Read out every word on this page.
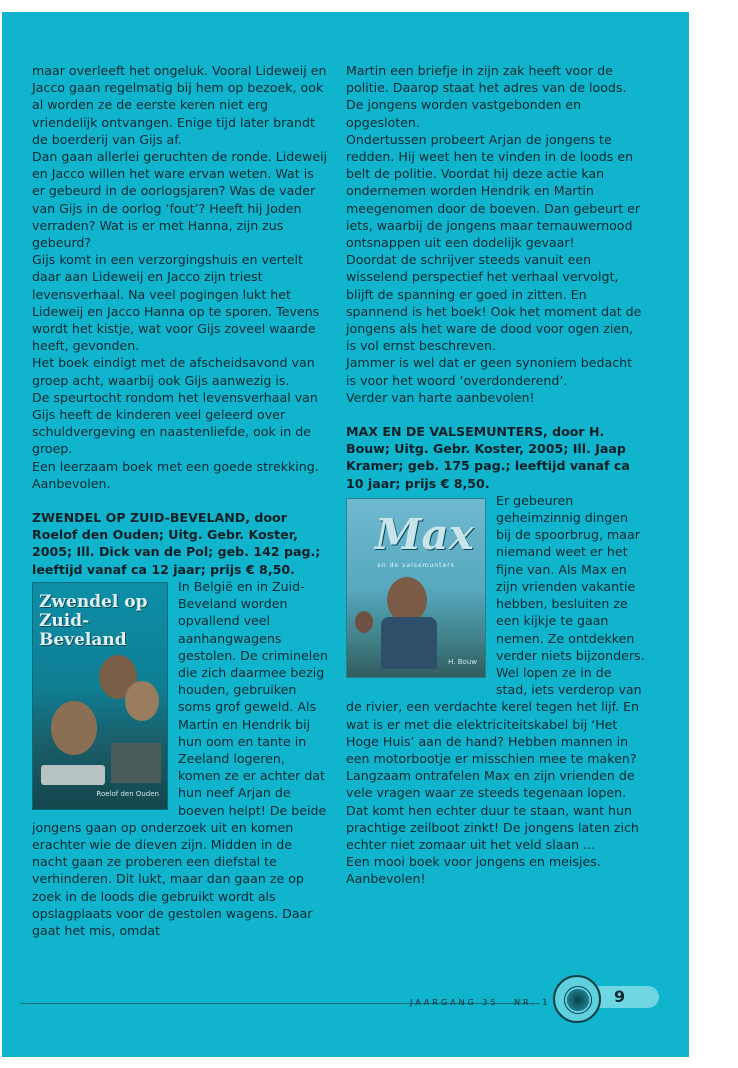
maar overleeft het ongeluk. Vooral Lideweij en Jacco gaan regelmatig bij hem op bezoek, ook al worden ze de eerste keren niet erg vriendelijk ontvangen. Enige tijd later brandt de boerderij van Gijs af.

Dan gaan allerlei geruchten de ronde. Lideweij en Jacco willen het ware ervan weten. Wat is er gebeurd in de oorlogsjaren? Was de vader van Gijs in de oorlog ‘fout’? Heeft hij Joden verraden? Wat is er met Hanna, zijn zus gebeurd?

Gijs komt in een verzorgingshuis en vertelt daar aan Lideweij en Jacco zijn triest levensverhaal. Na veel pogingen lukt het Lideweij en Jacco Hanna op te sporen. Tevens wordt het kistje, wat voor Gijs zoveel waarde heeft, gevonden.

Het boek eindigt met de afscheidsavond van groep acht, waarbij ook Gijs aanwezig is.

De speurtocht rondom het levensverhaal van Gijs heeft de kinderen veel geleerd over schuldvergeving en naastenliefde, ook in de groep.

Een leerzaam boek met een goede strekking.

Aanbevolen.

ZWENDEL OP ZUID-BEVELAND, door Roelof den Ouden; Uitg. Gebr. Koster, 2005; Ill. Dick van de Pol; geb. 142 pag.; leeftijd vanaf ca 12 jaar; prijs € 8,50.

Zwendel op Zuid-Beveland
Roelof den Ouden

In België en in Zuid-Beveland worden opvallend veel aanhangwagens gestolen. De criminelen die zich daarmee bezig houden, gebruiken soms grof geweld. Als Martin en Hendrik bij hun oom en tante in Zeeland logeren, komen ze er achter dat hun neef Arjan de boeven helpt! De beide jongens gaan op onderzoek uit en komen erachter wie de dieven zijn. Midden in de nacht gaan ze proberen een diefstal te verhinderen. Dit lukt, maar dan gaan ze op zoek in de loods die gebruikt wordt als opslagplaats voor de gestolen wagens. Daar gaat het mis, omdat

Martin een briefje in zijn zak heeft voor de politie. Daarop staat het adres van de loods. De jongens worden vastgebonden en opgesloten.

Ondertussen probeert Arjan de jongens te redden. Hij weet hen te vinden in de loods en belt de politie. Voordat hij deze actie kan ondernemen worden Hendrik en Martin meegenomen door de boeven. Dan gebeurt er iets, waarbij de jongens maar ternauwernood ontsnappen uit een dodelijk gevaar!

Doordat de schrijver steeds vanuit een wisselend perspectief het verhaal vervolgt, blijft de spanning er goed in zitten. En spannend is het boek! Ook het moment dat de jongens als het ware de dood voor ogen zien, is vol ernst beschreven.

Jammer is wel dat er geen synoniem bedacht is voor het woord ‘overdonderend’.

Verder van harte aanbevolen!

MAX EN DE VALSEMUNTERS, door H. Bouw; Uitg. Gebr. Koster, 2005; Ill. Jaap Kramer; geb. 175 pag.; leeftijd vanaf ca 10 jaar; prijs € 8,50.

Max
en de valsemunters
H. Bouw

Er gebeuren geheimzinnig dingen bij de spoorbrug, maar niemand weet er het fijne van. Als Max en zijn vrienden vakantie hebben, besluiten ze een kijkje te gaan nemen. Ze ontdekken verder niets bijzonders.

Wel lopen ze in de stad, iets verderop van de rivier, een verdachte kerel tegen het lijf. En wat is er met die elektriciteitskabel bij ‘Het Hoge Huis’ aan de hand? Hebben mannen in een motorbootje er misschien mee te maken?

Langzaam ontrafelen Max en zijn vrienden de vele vragen waar ze steeds tegenaan lopen. Dat komt hen echter duur te staan, want hun prachtige zeilboot zinkt! De jongens laten zich echter niet zomaar uit het veld slaan ...

Een mooi boek voor jongens en meisjes.

Aanbevolen!

JAARGANG 35 NR. 1	9
